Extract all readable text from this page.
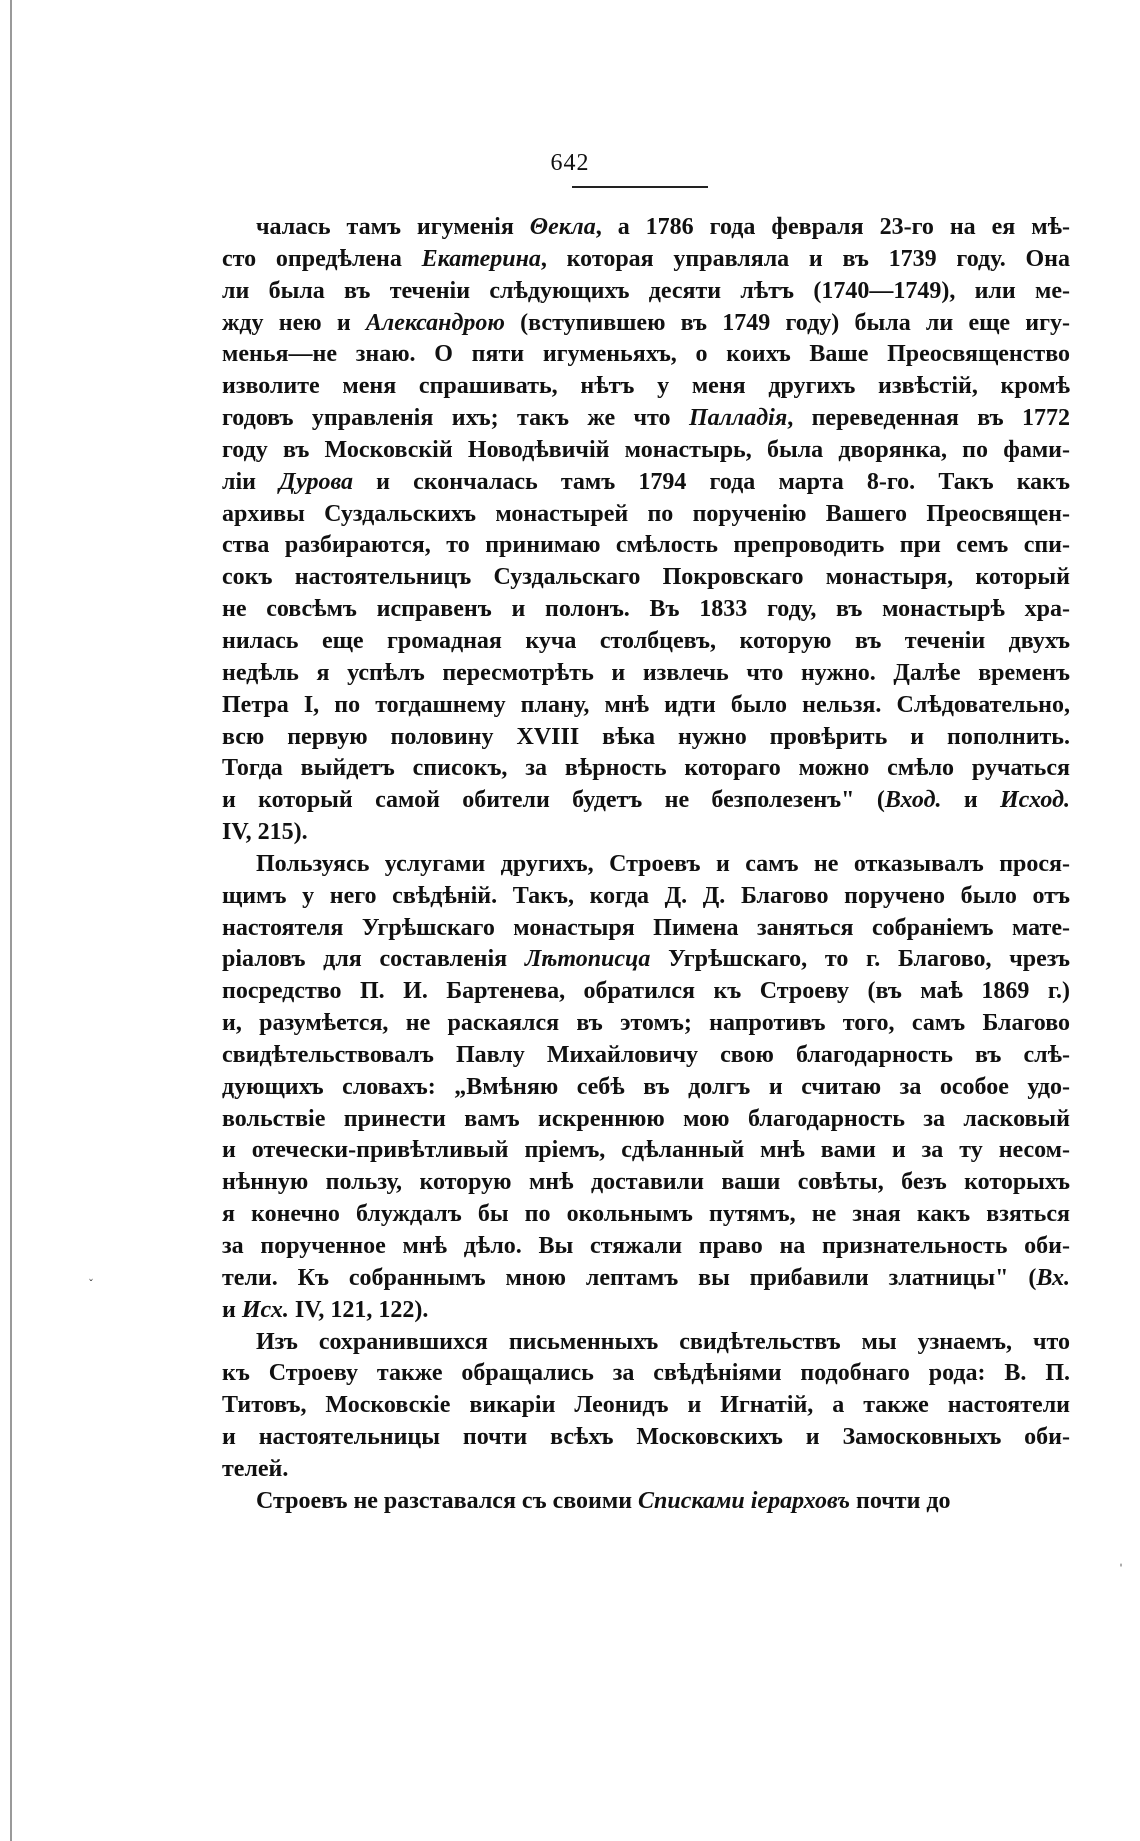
642
чалась тамъ игуменія Θекла, а 1786 года февраля 23-го на ея мѣ-
сто опредѣлена Екатерина, которая управляла и въ 1739 году. Она
ли была въ теченіи слѣдующихъ десяти лѣтъ (1740—1749), или ме-
жду нею и Александрою (вступившею въ 1749 году) была ли еще игу-
менья—не знаю. О пяти игуменьяхъ, о коихъ Ваше Преосвященство
изволите меня спрашивать, нѣтъ у меня другихъ извѣстій, кромѣ
годовъ управленія ихъ; такъ же что Палладія, переведенная въ 1772
году въ Московскій Новодѣвичій монастырь, была дворянка, по фами-
ліи Дурова и скончалась тамъ 1794 года марта 8-го. Такъ какъ
архивы Суздальскихъ монастырей по порученію Вашего Преосвящен-
ства разбираются, то принимаю смѣлость препроводить при семъ спи-
сокъ настоятельницъ Суздальскаго Покровскаго монастыря, который
не совсѣмъ исправенъ и полонъ. Въ 1833 году, въ монастырѣ хра-
нилась еще громадная куча столбцевъ, которую въ теченіи двухъ
недѣль я успѣлъ пересмотрѣть и извлечь что нужно. Далѣе временъ
Петра I, по тогдашнему плану, мнѣ идти было нельзя. Слѣдовательно,
всю первую половину XVIII вѣка нужно провѣрить и пополнить.
Тогда выйдетъ списокъ, за вѣрность котораго можно смѣло ручаться
и который самой обители будетъ не безполезенъ" (Вход. и Исход.
IV, 215).
Пользуясь услугами другихъ, Строевъ и самъ не отказывалъ прося-
щимъ у него свѣдѣній. Такъ, когда Д. Д. Благово поручено было отъ
настоятеля Угрѣшскаго монастыря Пимена заняться собраніемъ мате-
ріаловъ для составленія Лѣтописца Угрѣшскаго, то г. Благово, чрезъ
посредство П. И. Бартенева, обратился къ Строеву (въ маѣ 1869 г.)
и, разумѣется, не раскаялся въ этомъ; напротивъ того, самъ Благово
свидѣтельствовалъ Павлу Михайловичу свою благодарность въ слѣ-
дующихъ словахъ: „Вмѣняю себѣ въ долгъ и считаю за особое удо-
вольствіе принести вамъ искреннюю мою благодарность за ласковый
и отечески-привѣтливый пріемъ, сдѣланный мнѣ вами и за ту несом-
нѣнную пользу, которую мнѣ доставили ваши совѣты, безъ которыхъ
я конечно блуждалъ бы по окольнымъ путямъ, не зная какъ взяться
за порученное мнѣ дѣло. Вы стяжали право на признательность оби-
тели. Къ собраннымъ мною лептамъ вы прибавили златницы" (Вх.
и Исх. IV, 121, 122).
Изъ сохранившихся письменныхъ свидѣтельствъ мы узнаемъ, что
къ Строеву также обращались за свѣдѣніями подобнаго рода: В. П.
Титовъ, Московскіе викаріи Леонидъ и Игнатій, а также настоятели
и настоятельницы почти всѣхъ Московскихъ и Замосковныхъ оби-
телей.
Строевъ не разставался съ своими Списками іерарховъ почти до
˯
ˈ
